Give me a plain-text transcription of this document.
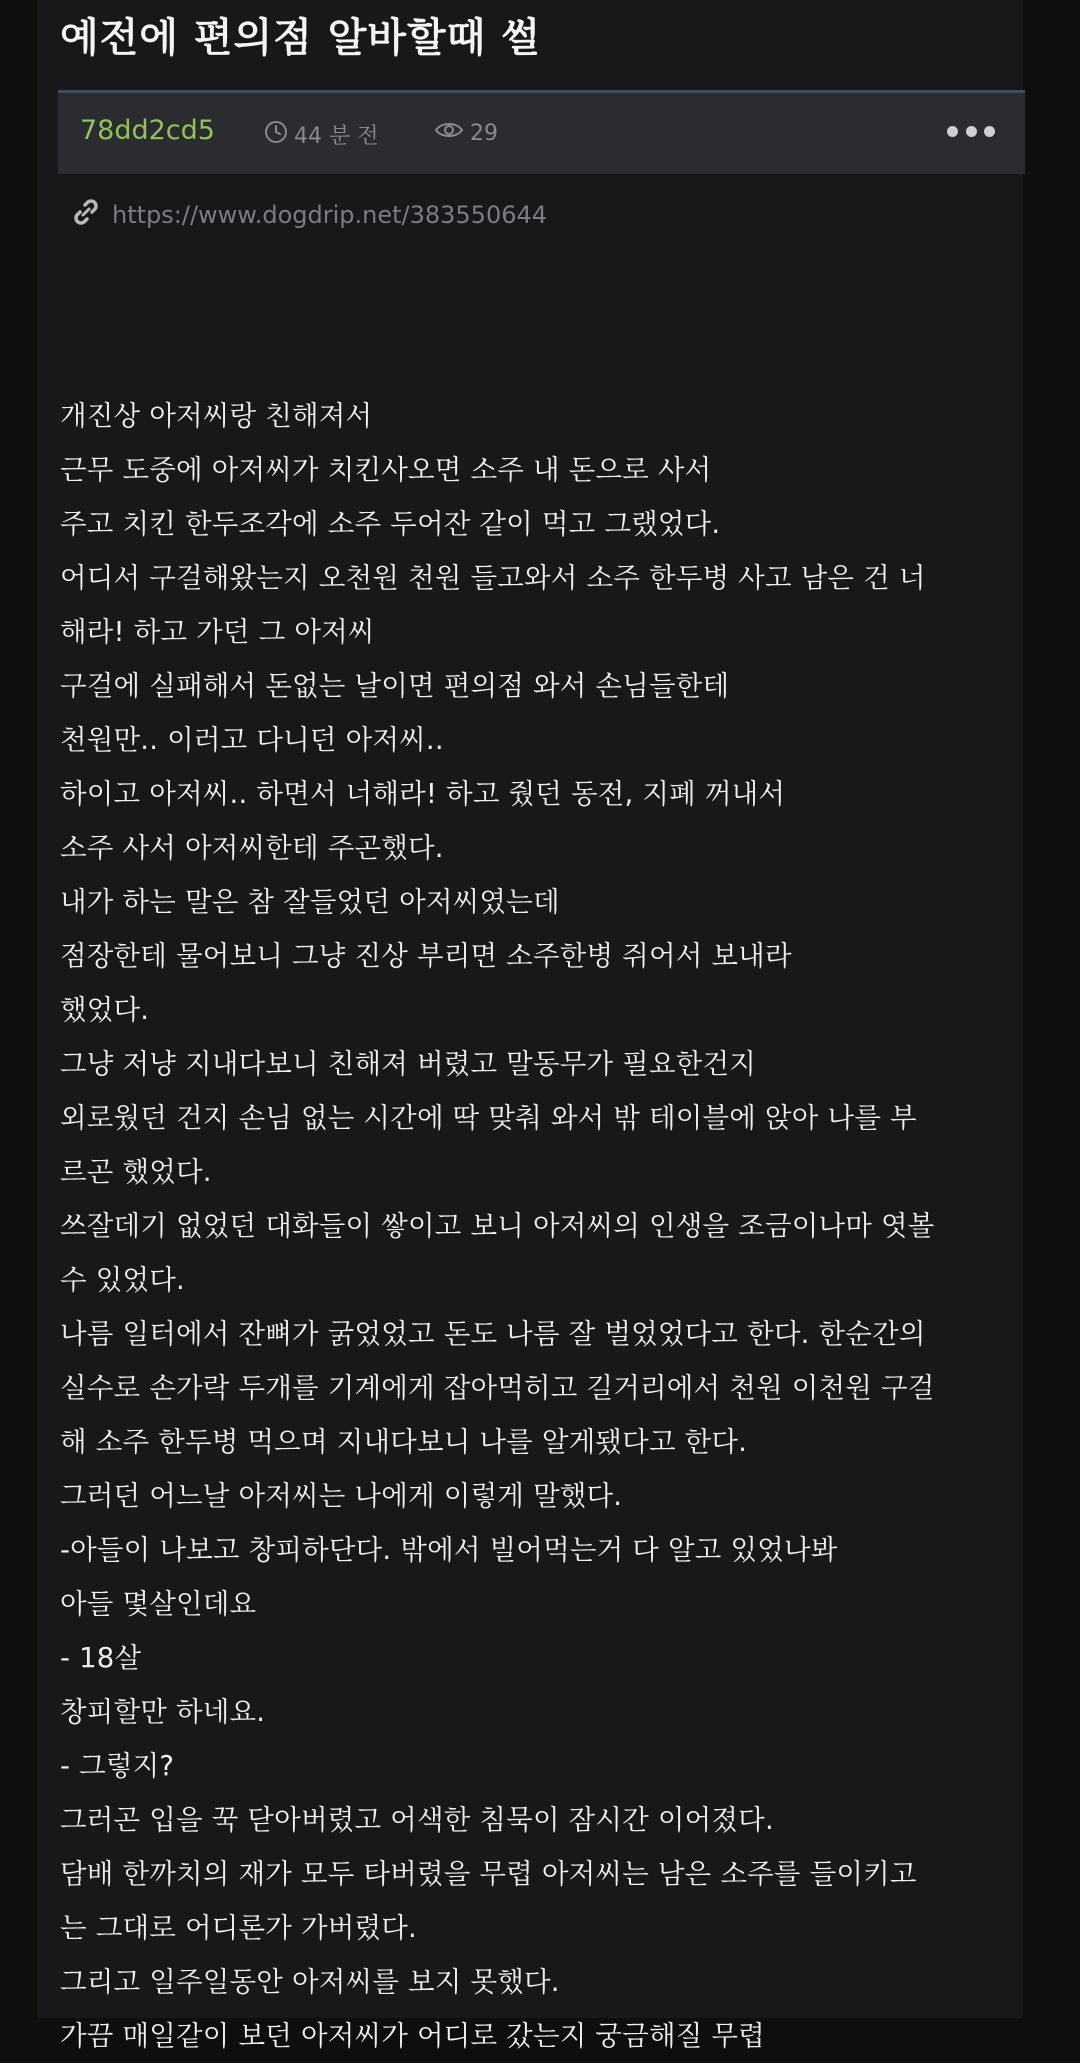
예전에 편의점 알바할때 썰
78dd2cd5	44 분 전	29
https://www.dogdrip.net/383550644

개진상 아저씨랑 친해져서

근무 도중에 아저씨가 치킨사오면 소주 내 돈으로 사서

주고 치킨 한두조각에 소주 두어잔 같이 먹고 그랬었다.

어디서 구걸해왔는지 오천원 천원 들고와서 소주 한두병 사고 남은 건 너

해라! 하고 가던 그 아저씨

구걸에 실패해서 돈없는 날이면 편의점 와서 손님들한테

천원만.. 이러고 다니던 아저씨..

하이고 아저씨.. 하면서 너해라! 하고 줬던 동전, 지폐 꺼내서

소주 사서 아저씨한테 주곤했다.

내가 하는 말은 참 잘들었던 아저씨였는데

점장한테 물어보니 그냥 진상 부리면 소주한병 쥐어서 보내라

했었다.

그냥 저냥 지내다보니 친해져 버렸고 말동무가 필요한건지

외로웠던 건지 손님 없는 시간에 딱 맞춰 와서 밖 테이블에 앉아 나를 부

르곤 했었다.

쓰잘데기 없었던 대화들이 쌓이고 보니 아저씨의 인생을 조금이나마 엿볼

수 있었다.

나름 일터에서 잔뼈가 굵었었고 돈도 나름 잘 벌었었다고 한다. 한순간의

실수로 손가락 두개를 기계에게 잡아먹히고 길거리에서 천원 이천원 구걸

해 소주 한두병 먹으며 지내다보니 나를 알게됐다고 한다.

그러던 어느날 아저씨는 나에게 이렇게 말했다.

-아들이 나보고 창피하단다. 밖에서 빌어먹는거 다 알고 있었나봐

아들 몇살인데요

- 18살

창피할만 하네요.

- 그렇지?

그러곤 입을 꾹 닫아버렸고 어색한 침묵이 잠시간 이어졌다.

담배 한까치의 재가 모두 타버렸을 무렵 아저씨는 남은 소주를 들이키고

는 그대로 어디론가 가버렸다.

그리고 일주일동안 아저씨를 보지 못했다.

가끔 매일같이 보던 아저씨가 어디로 갔는지 궁금해질 무렵
